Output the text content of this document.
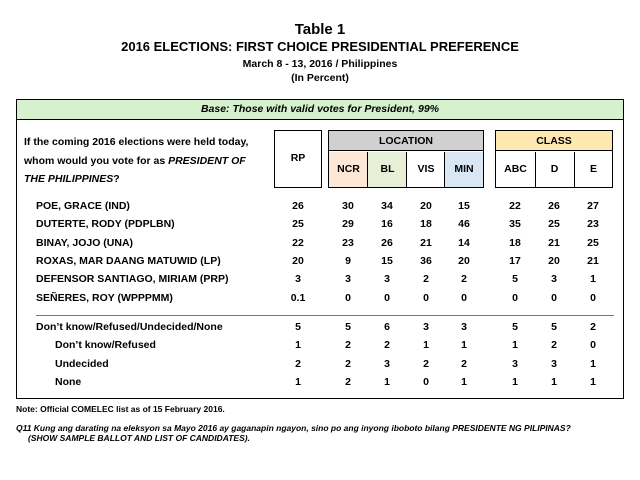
Table 1
2016 ELECTIONS: FIRST CHOICE PRESIDENTIAL PREFERENCE
March 8 - 13, 2016 / Philippines
(In Percent)
Base: Those with valid votes for President, 99%
If the coming 2016 elections were held today,
whom would you vote for as PRESIDENT OF
THE PHILIPPINES?
RP
LOCATION
NCR	BL	VIS	MIN
CLASS
ABC	D	E
POE, GRACE (IND)	26	30	34	20	15	22	26	27
DUTERTE, RODY (PDPLBN)	25	29	16	18	46	35	25	23
BINAY, JOJO (UNA)	22	23	26	21	14	18	21	25
ROXAS, MAR DAANG MATUWID (LP)	20	9	15	36	20	17	20	21
DEFENSOR SANTIAGO, MIRIAM (PRP)	3	3	3	2	2	5	3	1
SEÑERES, ROY (WPPPMM)	0.1	0	0	0	0	0	0	0
Don’t know/Refused/Undecided/None	5	5	6	3	3	5	5	2
Don’t know/Refused	1	2	2	1	1	1	2	0
Undecided	2	2	3	2	2	3	3	1
None	1	2	1	0	1	1	1	1
Note: Official COMELEC list as of 15 February 2016.
Q11 Kung ang darating na eleksyon sa Mayo 2016 ay gaganapin ngayon, sino po ang inyong iboboto bilang PRESIDENTE NG PILIPINAS?
(SHOW SAMPLE BALLOT AND LIST OF CANDIDATES).
